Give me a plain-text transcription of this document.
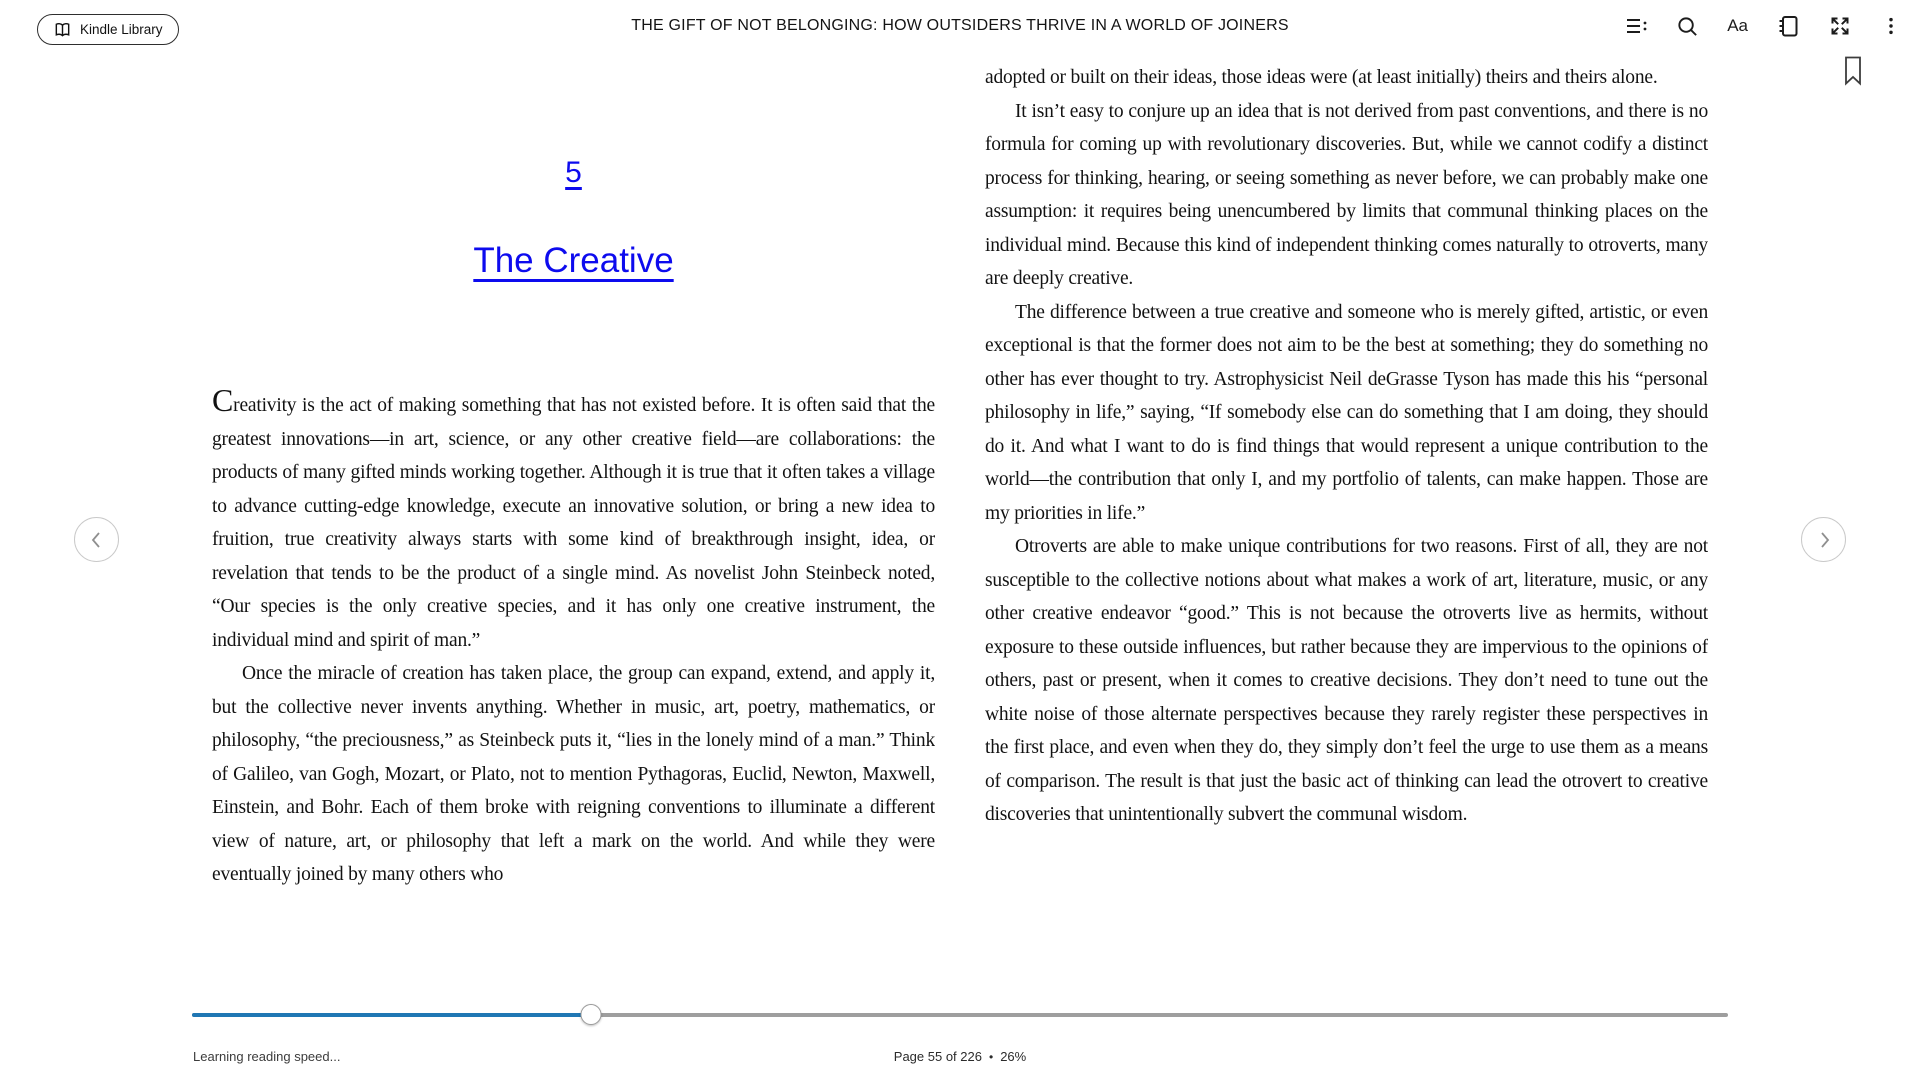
Kindle Library	THE GIFT OF NOT BELONGING: HOW OUTSIDERS THRIVE IN A WORLD OF JOINERS	Aa
5
The Creative

Creativity is the act of making something that has not existed before. It is often said that the greatest innovations—in art, science, or any other creative field—are collaborations: the products of many gifted minds working together. Although it is true that it often takes a village to advance cutting-edge knowledge, execute an innovative solution, or bring a new idea to fruition, true creativity always starts with some kind of breakthrough insight, idea, or revelation that tends to be the product of a single mind. As novelist John Steinbeck noted, “Our species is the only creative species, and it has only one creative instrument, the individual mind and spirit of man.”

Once the miracle of creation has taken place, the group can expand, extend, and apply it, but the collective never invents anything. Whether in music, art, poetry, mathematics, or philosophy, “the preciousness,” as Steinbeck puts it, “lies in the lonely mind of a man.” Think of Galileo, van Gogh, Mozart, or Plato, not to mention Pythagoras, Euclid, Newton, Maxwell, Einstein, and Bohr. Each of them broke with reigning conventions to illuminate a different view of nature, art, or philosophy that left a mark on the world. And while they were eventually joined by many others who

adopted or built on their ideas, those ideas were (at least initially) theirs and theirs alone.

It isn’t easy to conjure up an idea that is not derived from past conventions, and there is no formula for coming up with revolutionary discoveries. But, while we cannot codify a distinct process for thinking, hearing, or seeing something as never before, we can probably make one assumption: it requires being unencumbered by limits that communal thinking places on the individual mind. Because this kind of independent thinking comes naturally to otroverts, many are deeply creative.

The difference between a true creative and someone who is merely gifted, artistic, or even exceptional is that the former does not aim to be the best at something; they do something no other has ever thought to try. Astrophysicist Neil deGrasse Tyson has made this his “personal philosophy in life,” saying, “If somebody else can do something that I am doing, they should do it. And what I want to do is find things that would represent a unique contribution to the world—the contribution that only I, and my portfolio of talents, can make happen. Those are my priorities in life.”

Otroverts are able to make unique contributions for two reasons. First of all, they are not susceptible to the collective notions about what makes a work of art, literature, music, or any other creative endeavor “good.” This is not because the otroverts live as hermits, without exposure to these outside influences, but rather because they are impervious to the opinions of others, past or present, when it comes to creative decisions. They don’t need to tune out the white noise of those alternate perspectives because they rarely register these perspectives in the first place, and even when they do, they simply don’t feel the urge to use them as a means of comparison. The result is that just the basic act of thinking can lead the otrovert to creative discoveries that unintentionally subvert the communal wisdom.

Learning reading speed...	Page 55 of 226 • 26%
